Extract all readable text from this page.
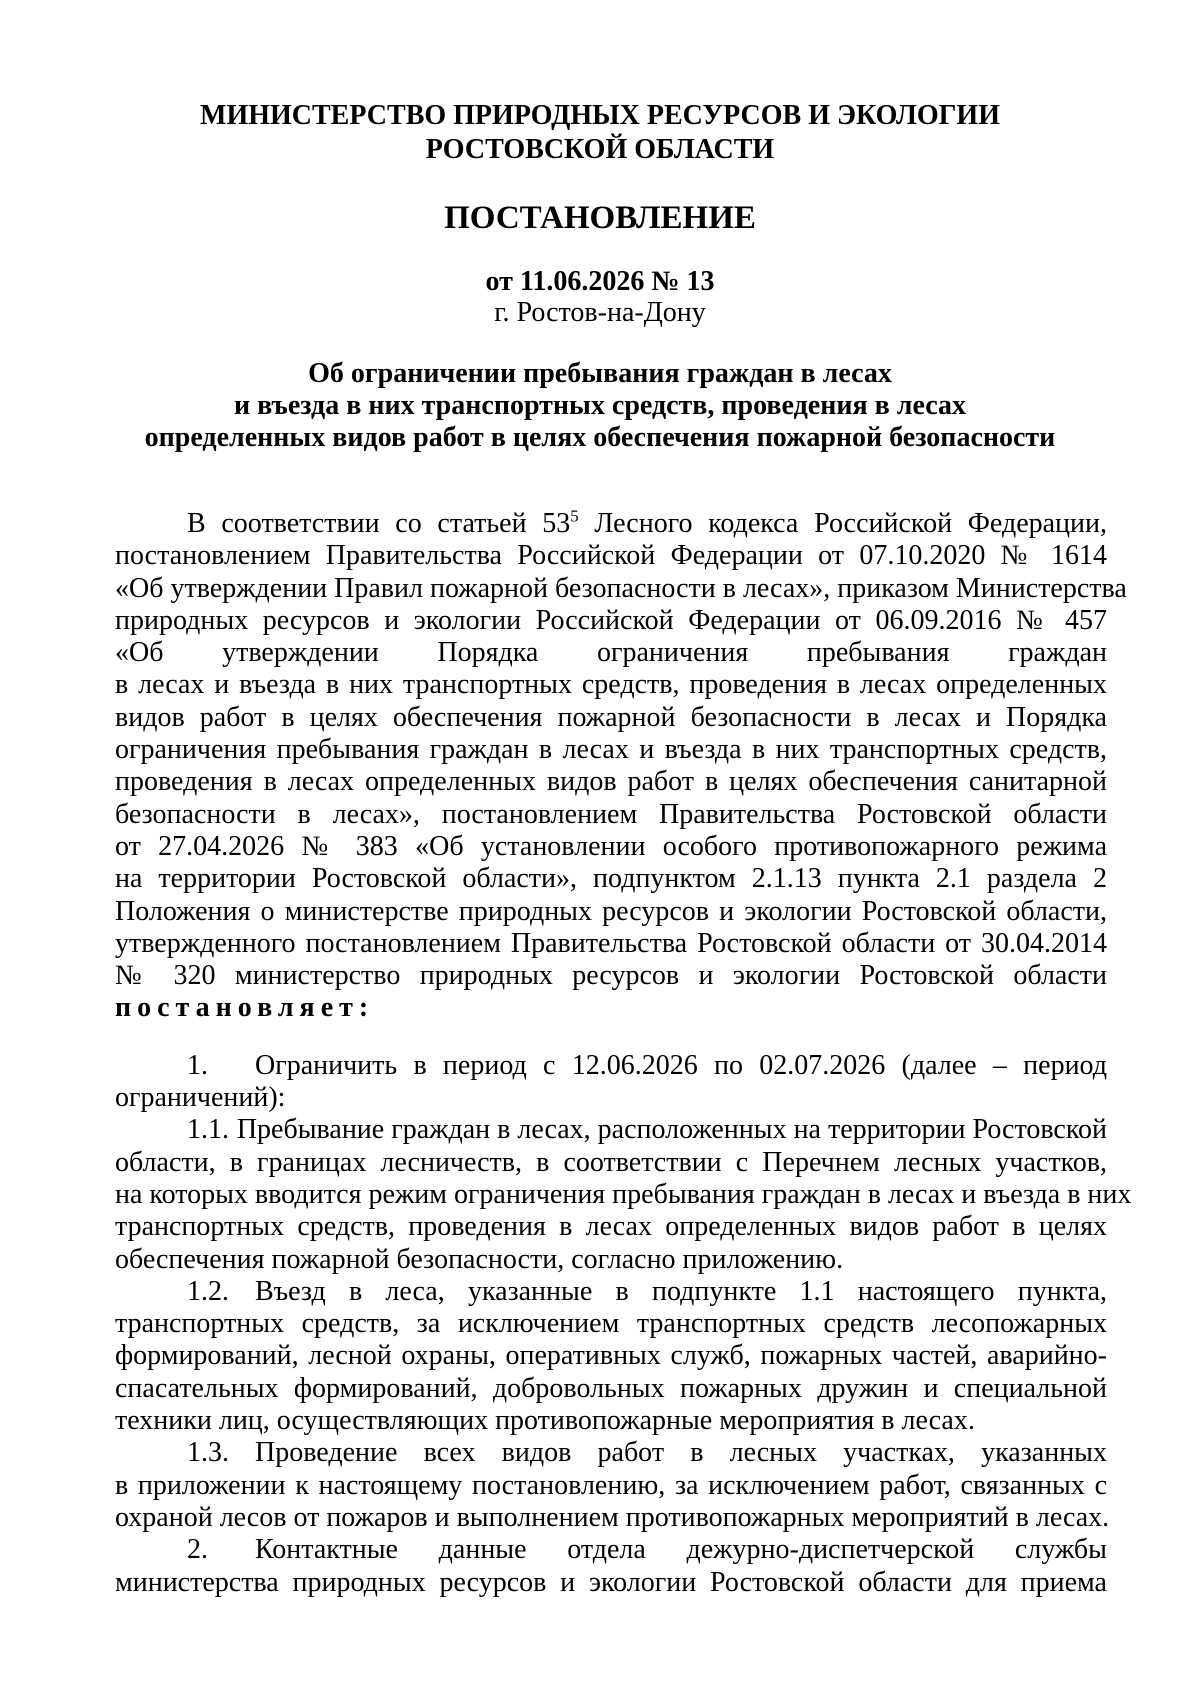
МИНИСТЕРСТВО ПРИРОДНЫХ РЕСУРСОВ И ЭКОЛОГИИ
РОСТОВСКОЙ ОБЛАСТИ
ПОСТАНОВЛЕНИЕ
от 11.06.2026 № 13
г. Ростов-на-Дону
Об ограничении пребывания граждан в лесах
и въезда в них транспортных средств, проведения в лесах
определенных видов работ в целях обеспечения пожарной безопасности
В соответствии со статьей $53^5$ Лесного кодекса Российской Федерации,
постановлением Правительства Российской Федерации от 07.10.2020 № 1614
«Об утверждении Правил пожарной безопасности в лесах», приказом Министерства
природных ресурсов и экологии Российской Федерации от 06.09.2016 № 457
«Об утверждении Порядка ограничения пребывания граждан
в лесах и въезда в них транспортных средств, проведения в лесах определенных
видов работ в целях обеспечения пожарной безопасности в лесах и Порядка
ограничения пребывания граждан в лесах и въезда в них транспортных средств,
проведения в лесах определенных видов работ в целях обеспечения санитарной
безопасности в лесах», постановлением Правительства Ростовской области
от 27.04.2026 № 383 «Об установлении особого противопожарного режима
на территории Ростовской области», подпунктом 2.1.13 пункта 2.1 раздела 2
Положения о министерстве природных ресурсов и экологии Ростовской области,
утвержденного постановлением Правительства Ростовской области от 30.04.2014
№ 320 министерство природных ресурсов и экологии Ростовской области
постановляет:
1.	Ограничить в период с 12.06.2026 по 02.07.2026 (далее – период
ограничений):
1.1. Пребывание граждан в лесах, расположенных на территории Ростовской
области, в границах лесничеств, в соответствии с Перечнем лесных участков,
на которых вводится режим ограничения пребывания граждан в лесах и въезда в них
транспортных средств, проведения в лесах определенных видов работ в целях
обеспечения пожарной безопасности, согласно приложению.
1.2. Въезд в леса, указанные в подпункте 1.1 настоящего пункта,
транспортных средств, за исключением транспортных средств лесопожарных
формирований, лесной охраны, оперативных служб, пожарных частей, аварийно-
спасательных формирований, добровольных пожарных дружин и специальной
техники лиц, осуществляющих противопожарные мероприятия в лесах.
1.3. Проведение всех видов работ в лесных участках, указанных
в приложении к настоящему постановлению, за исключением работ, связанных с
охраной лесов от пожаров и выполнением противопожарных мероприятий в лесах.
2.	Контактные данные отдела дежурно-диспетчерской службы
министерства природных ресурсов и экологии Ростовской области для приема
